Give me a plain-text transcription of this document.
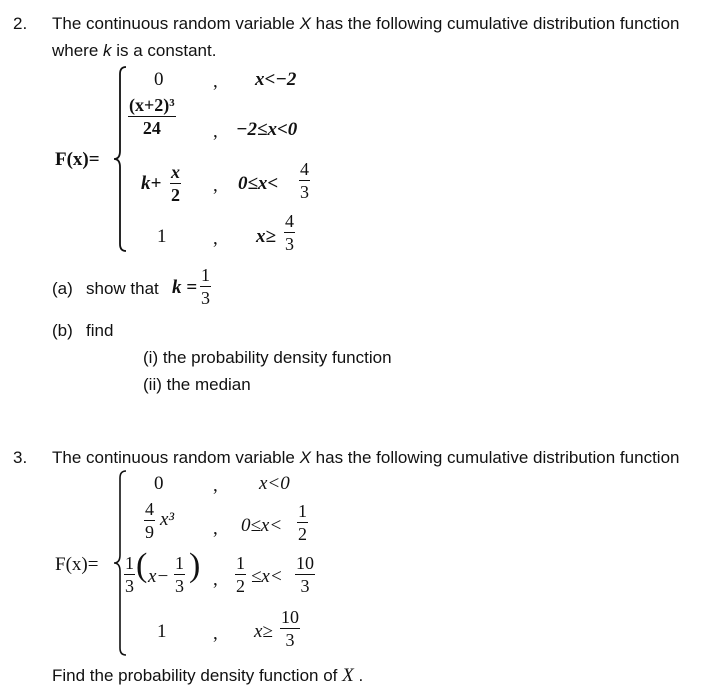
2. The continuous random variable X has the following cumulative distribution function
where k is a constant.
F(x)=
0	, x<−2
(x+2)³
24	, −2≤x<0
k+
x
2 , 0≤x<
4
3
1 , x≥
4
3
(a) show that k =
1
3
(b) find
(i) the probability density function
(ii) the median
3. The continuous random variable X has the following cumulative distribution function
F(x)=
0	, x<0
4
9
x³ , 0≤x<
1
2
1
3
( x−
1
3
) ,
1
2 ≤x<
10
3
1 , x≥
10
3
Find the probability density function of X .
